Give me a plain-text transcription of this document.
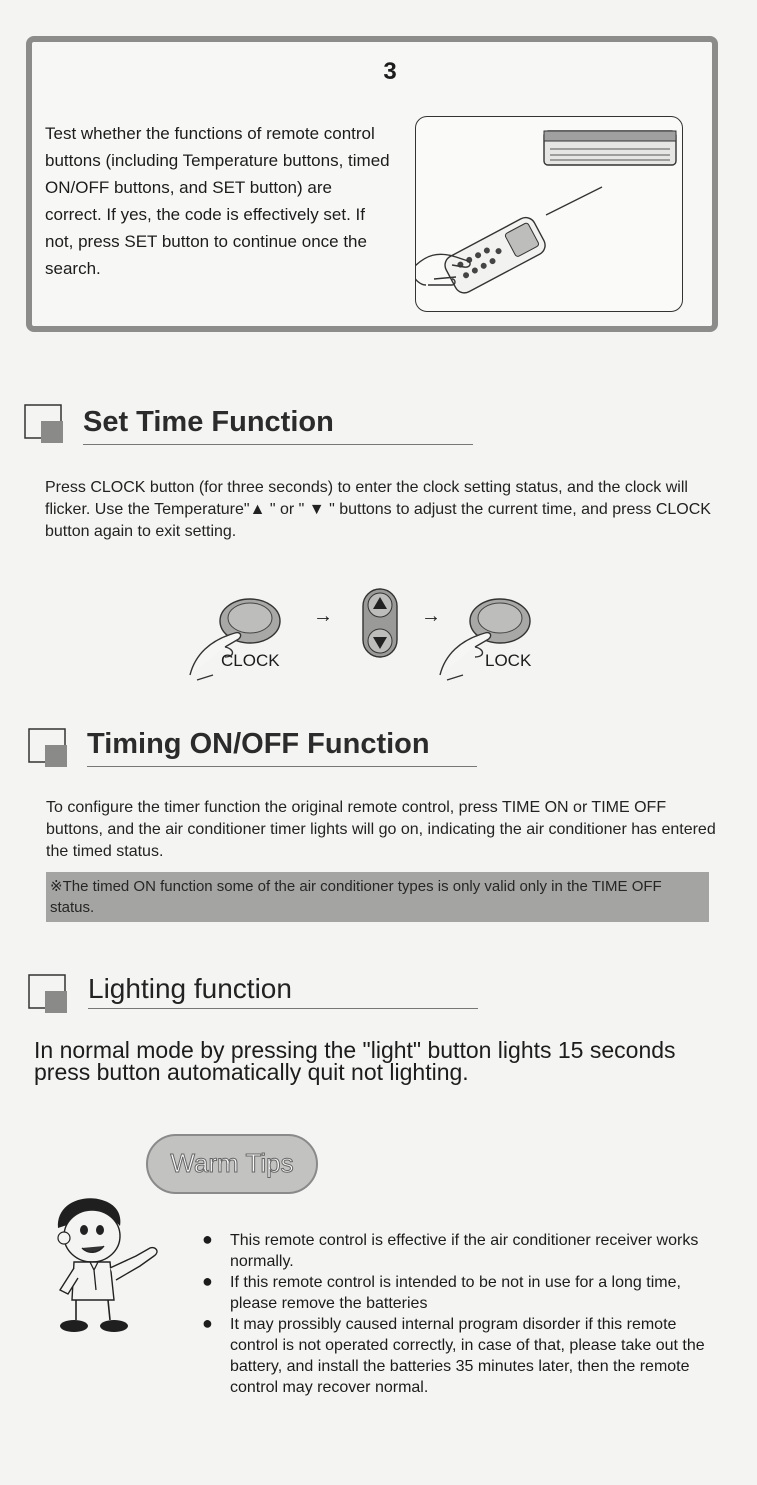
3
Test whether the functions of remote control buttons (including Temperature buttons, timed ON/OFF buttons, and SET button) are correct. If yes, the code is effectively set. If not, press SET button to continue once the search.
Set Time Function
Press CLOCK button (for three seconds) to enter the clock setting status, and the clock will flicker. Use the Temperature"▲ " or " ▼ " buttons to adjust the current time, and press CLOCK button again to exit setting.
CLOCK
→	→
LOCK
Timing ON/OFF Function
To configure the timer function the original remote control, press TIME ON or TIME OFF buttons, and the air conditioner timer lights will go on, indicating the air conditioner has entered the timed status.
※The timed ON function some of the air conditioner types is only valid only in the TIME OFF status.
Lighting function
In normal mode by pressing the "light" button lights 15 seconds press button automatically quit not lighting.
Warm Tips
● This remote control is effective if the air conditioner receiver works normally.
● If this remote control is intended to be not in use for a long time, please remove the batteries
● It may prossibly caused internal program disorder if this remote control is not operated correctly, in case of that, please take out the battery, and install the batteries 35 minutes later, then the remote control may recover normal.
